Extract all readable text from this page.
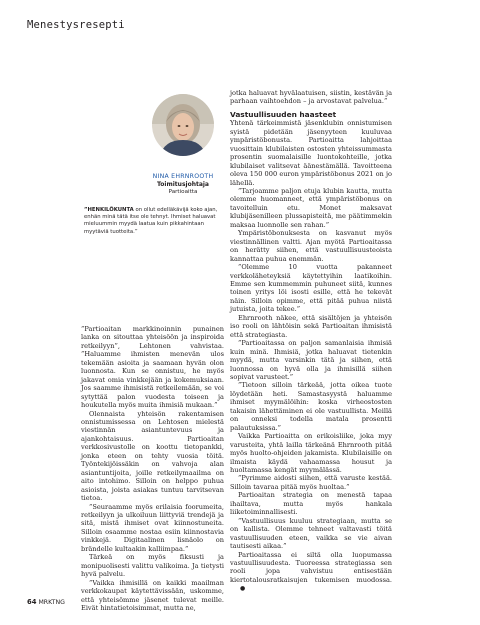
Menestysresepti
NINA EHRNROOTH
Toimitusjohtaja
Partioaitta
”HENKILÖKUNTA on ollut edelläkävijä koko ajan, enhän minä tätä itse ole tehnyt. Ihmiset haluavat mieluummin myydä laatua kuin pikkahintaan myytäviä tuotteita.”

”Partioaitan markkinoinnin punainen lanka on sitouttaa yhteisöön ja inspiroida retkeilyyn”, Lehtonen vahvistaa. ”Haluamme ihmisten menevän ulos tekemään asioita ja saamaan hyvän olon luonnosta. Kun se onnistuu, he myös jakavat omia vinkkejään ja kokemuksiaan. Jos saamme ihmisistä retkeilemään, se voi sytyttää palon vuodesta toiseen ja houkutella myös muita ihmisiä mukaan.”

Olennaista yhteisön rakentamisen onnistumissessa on Lehtosen mielestä viestinnän asiantuntevuus ja ajankohtaisuus. Partioaitan verkkosivustolle on koottu tietopankki, jonka eteen on tehty vuosia töitä. Työntekijöissäkin on vahvoja alan asiantuntijoita, joille retkeilymaailma on aito intohimo. Silloin on helppo puhua asioista, joista asiakas tuntuu tarvitsevan tietoa.

”Seuraamme myös erilaisia foorumeita, retkeilyyn ja ulkoiluun liittyviä trendejä ja sitä, mistä ihmiset ovat kiinnostuneita. Silloin osaamme nostaa esiin kiinnostavia vinkkejä. Digitaalinen lisnäolo on brändelle kultaakin kalliimpaa.”

Tärkeä on myös fiksusti ja monipuolisesti valittu valikoima. Ja tietysti hyvä palvelu.

”Vaikka ihmisillä on kaikki maailman verkkokaupat käytettävissään, uskomme, että yhteisömme jäsenet tulevat meille. Eivät hintatietoisimmat, mutta ne,

jotka haluavat hyvälaatuisen, siistin, kestävän ja parhaan vaihtoehdon – ja arvostavat palvelua.”

Vastuullisuuden haasteet

Yhtenä tärkeimmistä jäsenklubin onnistumisen syistä pidetään jäsenyyteen kuuluvaa ympäristöbonusta. Partioaitta lahjoittaa vuosittain klubilaisten ostosten yhteissummasta prosentin suomalaisille luontokohteille, jotka klubilaiset valitsevat äänestämällä. Tavoitteena oleva 150 000 euron ympäristöbonus 2021 on jo lähellä.

”Tarjoamme paljon etuja klubin kautta, mutta olemme huomanneet, että ympäristöbonus on tavoitelluin etu. Monet maksavat klubijäsenilleen plussapisteitä, me päätimmekin maksaa luonnolle sen rahan.”

Ympäristöbonuksesta on kasvanut myös viestinnällinen valtti. Ajan myötä Partioaitassa on herätty siihen, että vastuullisuusteoista kannattaa puhua enemmän.

”Olemme 10 vuotta pakanneet verkkoläheteyksiä käytettyihin laatikoihin. Emme sen kummemmin puhuneet siitä, kunnes toinen yritys löi isosti esille, että he tekevät näin. Silloin opimme, että pitää puhua niistä jutuista, joita tekee.”

Ehrnrooth näkee, että sisältöjen ja yhteisön iso rooli on lähtöisin sekä Partioaitan ihmisistä että strategiasta.

”Partioaitassa on paljon samanlaisia ihmisiä kuin minä. Ihmisiä, jotka haluavat tietenkin myydä, mutta varsinkin tätä ja siihen, että luonnossa on hyvä olla ja ihmisillä siihen sopivat varusteet.”

”Tietoon silloin tärkeää, jotta oikea tuote löydetään heti. Samastasyystä haluamme ihmiset myymälöihin: koska virheostosten takaisin lähettäminen ei ole vastuullista. Meillä on onneksi todella matala prosentti palautuksissa.”

Vaikka Partioaitta on erikoisliike, joka myy varusteita, yhtä lailla tärkeänä Ehrnrooth pitää myös huolto-ohjeiden jakamista. Klubilaisille on ilmaista käydä vahaamassa housut ja huoltamassa kengät myymälässä.

”Pyrimme aidosti siihen, että varuste kestää. Silloin tavaraa pitää myös huoltaa.”

Partioaitan strategia on menestä tapaa ihailtava, mutta myös hankala liiketoiminnallisesti.

”Vastuullisuus kuuluu strategiaan, mutta se on kallista. Olemme tehneet valtavasti töitä vastuullisuuden eteen, vaikka se vie aivan tautisesti aikaa.”

Partioaitassa ei siltä olla luopumassa vastuullisuudesta. Tuoreessa strategiassa sen rooli jopa vahvistuu entisestään kiertotalousratkaisujen tukemisen muodossa.●

64 MRKTNG
